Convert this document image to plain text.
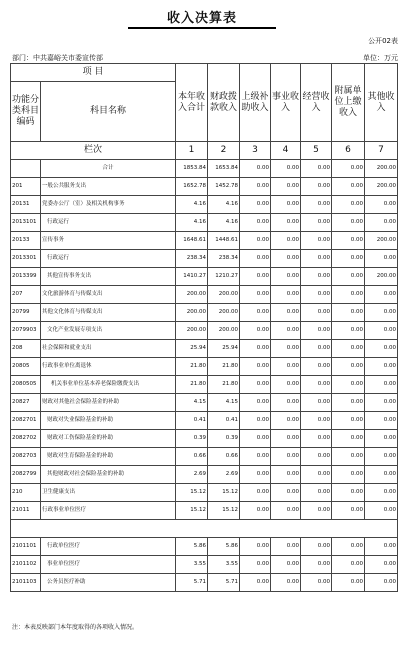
收入决算表
公开02表
部门：中共嘉峪关市委宣传部	单位：万元
项 目		本年收入合计	财政拨款收入	上级补助收入	事业收入	经营收入	附属单位上缴收入	其他收入
功能分类科目编码	科目名称							

栏次		1	2	3	4	5	6	7
	合计	1853.84	1653.84	0.00	0.00	0.00	0.00	200.00
201	一般公共服务支出	1652.78	1452.78	0.00	0.00	0.00	0.00	200.00
20131	党委办公厅（室）及相关机构事务	4.16	4.16	0.00	0.00	0.00	0.00	0.00
2013101	行政运行	4.16	4.16	0.00	0.00	0.00	0.00	0.00
20133	宣传事务	1648.61	1448.61	0.00	0.00	0.00	0.00	200.00
2013301	行政运行	238.34	238.34	0.00	0.00	0.00	0.00	0.00
2013399	其他宣传事务支出	1410.27	1210.27	0.00	0.00	0.00	0.00	200.00
207	文化旅游体育与传媒支出	200.00	200.00	0.00	0.00	0.00	0.00	0.00
20799	其他文化体育与传媒支出	200.00	200.00	0.00	0.00	0.00	0.00	0.00
2079903	文化产业发展专项支出	200.00	200.00	0.00	0.00	0.00	0.00	0.00
208	社会保障和就业支出	25.94	25.94	0.00	0.00	0.00	0.00	0.00
20805	行政事业单位离退休	21.80	21.80	0.00	0.00	0.00	0.00	0.00
2080505	机关事业单位基本养老保险缴费支出	21.80	21.80	0.00	0.00	0.00	0.00	0.00
20827	财政对其他社会保险基金的补助	4.15	4.15	0.00	0.00	0.00	0.00	0.00
2082701	财政对失业保险基金的补助	0.41	0.41	0.00	0.00	0.00	0.00	0.00
2082702	财政对工伤保险基金的补助	0.39	0.39	0.00	0.00	0.00	0.00	0.00
2082703	财政对生育保险基金的补助	0.66	0.66	0.00	0.00	0.00	0.00	0.00
2082799	其他财政对社会保险基金的补助	2.69	2.69	0.00	0.00	0.00	0.00	0.00
210	卫生健康支出	15.12	15.12	0.00	0.00	0.00	0.00	0.00
21011	行政事业单位医疗	15.12	15.12	0.00	0.00	0.00	0.00	0.00

2101101	行政单位医疗	5.86	5.86	0.00	0.00	0.00	0.00	0.00
2101102	事业单位医疗	3.55	3.55	0.00	0.00	0.00	0.00	0.00
2101103	公务员医疗补助	5.71	5.71	0.00	0.00	0.00	0.00	0.00
注：本表反映部门本年度取得的各项收入情况。
